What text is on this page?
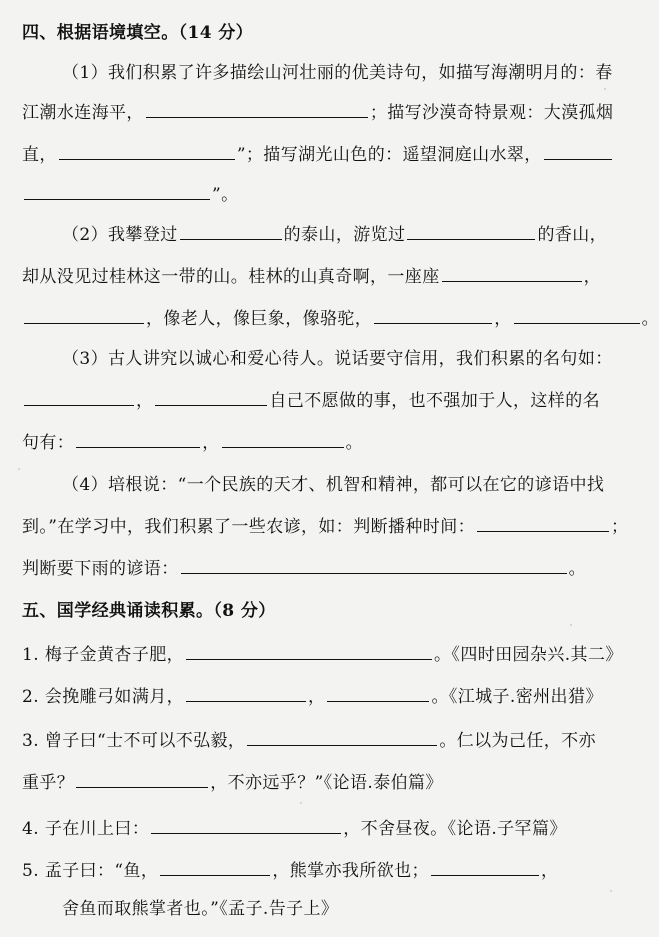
四、根据语境填空。（14 分）
（1）我们积累了许多描绘山河壮丽的优美诗句，如描写海潮明月的：春
江潮水连海平，	；描写沙漠奇特景观：大漠孤烟
直，	”；描写湖光山色的：遥望洞庭山水翠，
”。
（2）我攀登过	的泰山，游览过	的香山，
却从没见过桂林这一带的山。桂林的山真奇啊，一座座	，
，像老人，像巨象，像骆驼，	，	。
（3）古人讲究以诚心和爱心待人。说话要守信用，我们积累的名句如：
，	自己不愿做的事，也不强加于人，这样的名
句有：	，	。
（4）培根说：“一个民族的天才、机智和精神，都可以在它的谚语中找
到。”在学习中，我们积累了一些农谚，如：判断播种时间：	；
判断要下雨的谚语：	。
五、国学经典诵读积累。（8 分）
1. 梅子金黄杏子肥，	。《四时田园杂兴.其二》
2. 会挽雕弓如满月，	，	。《江城子.密州出猎》
3. 曾子曰“士不可以不弘毅，	。仁以为己任，不亦
重乎？	，不亦远乎？”《论语.泰伯篇》
4. 子在川上曰：	，不舍昼夜。《论语.子罕篇》
5. 孟子曰：“鱼，	，熊掌亦我所欲也；	，
舍鱼而取熊掌者也。”《孟子.告子上》
